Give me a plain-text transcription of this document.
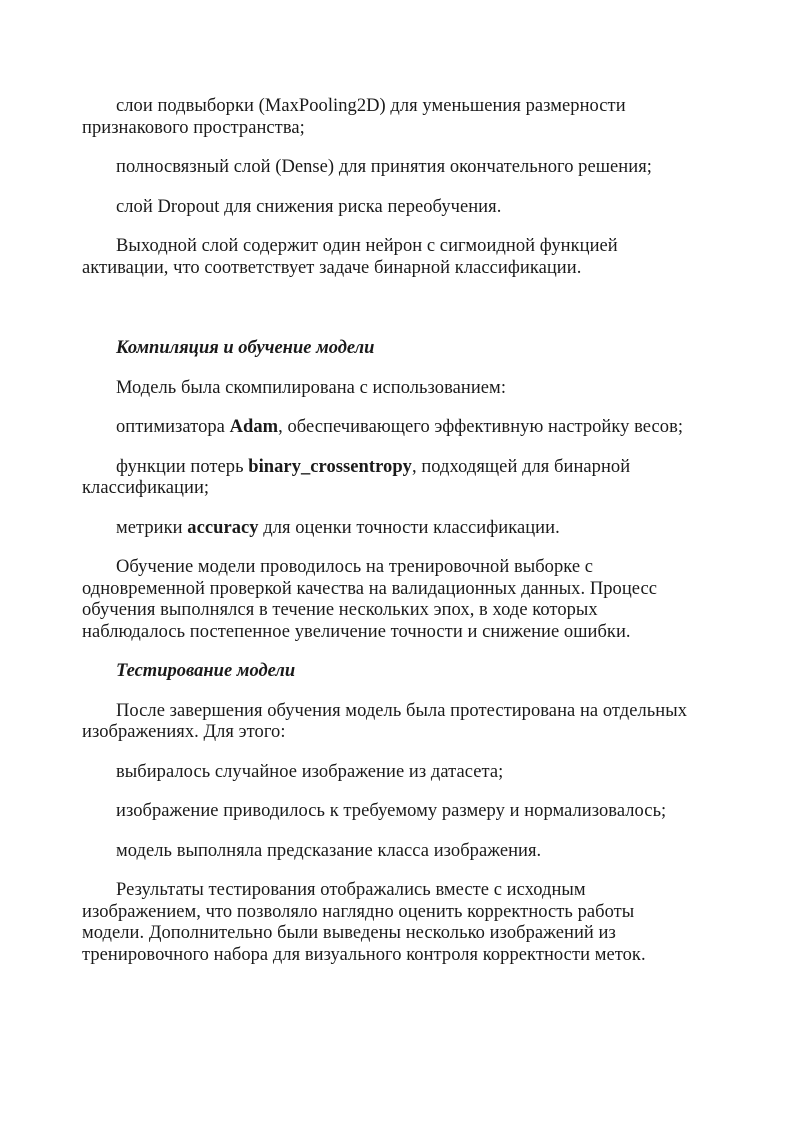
слои подвыборки (MaxPooling2D) для уменьшения размерности признакового пространства;

полносвязный слой (Dense) для принятия окончательного решения;

слой Dropout для снижения риска переобучения.

Выходной слой содержит один нейрон с сигмоидной функцией активации, что соответствует задаче бинарной классификации.

Компиляция и обучение модели

Модель была скомпилирована с использованием:

оптимизатора Adam, обеспечивающего эффективную настройку весов;

функции потерь binary_crossentropy, подходящей для бинарной классификации;

метрики accuracy для оценки точности классификации.

Обучение модели проводилось на тренировочной выборке с одновременной проверкой качества на валидационных данных. Процесс обучения выполнялся в течение нескольких эпох, в ходе которых наблюдалось постепенное увеличение точности и снижение ошибки.

Тестирование модели

После завершения обучения модель была протестирована на отдельных изображениях. Для этого:

выбиралось случайное изображение из датасета;

изображение приводилось к требуемому размеру и нормализовалось;

модель выполняла предсказание класса изображения.

Результаты тестирования отображались вместе с исходным изображением, что позволяло наглядно оценить корректность работы модели. Дополнительно были выведены несколько изображений из тренировочного набора для визуального контроля корректности меток.
